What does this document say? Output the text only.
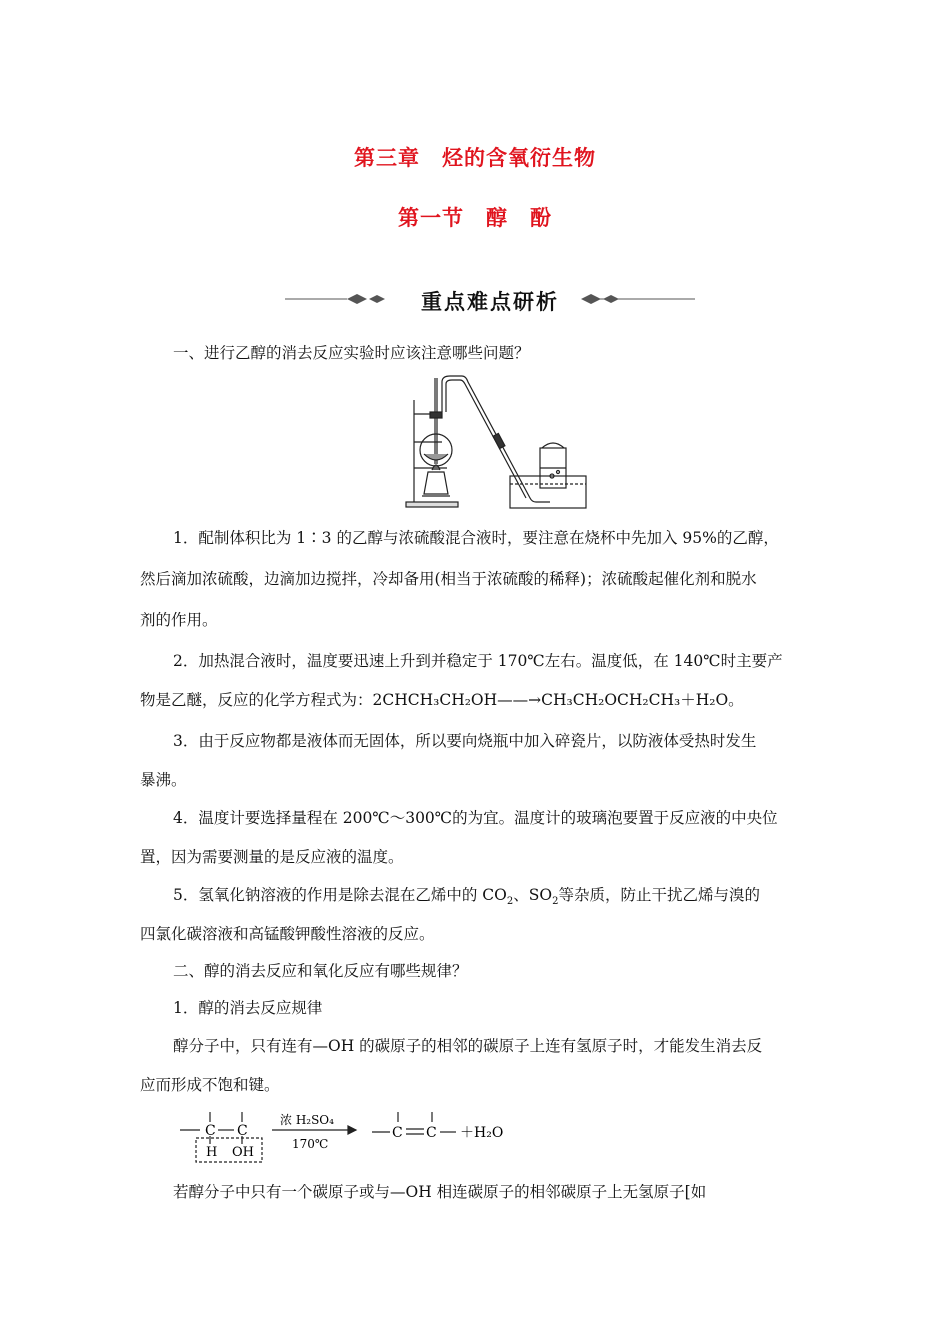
第三章　烃的含氧衍生物
第一节　醇　酚
重点难点研析
一、进行乙醇的消去反应实验时应该注意哪些问题？
1．配制体积比为 1∶3 的乙醇与浓硫酸混合液时，要注意在烧杯中先加入 95%的乙醇，
然后滴加浓硫酸，边滴加边搅拌，冷却备用(相当于浓硫酸的稀释)；浓硫酸起催化剂和脱水
剂的作用。
2．加热混合液时，温度要迅速上升到并稳定于 170℃左右。温度低，在 140℃时主要产
物是乙醚，反应的化学方程式为：2CHCH₃CH₂OH——→CH₃CH₂OCH₂CH₃＋H₂O。
3．由于反应物都是液体而无固体，所以要向烧瓶中加入碎瓷片，以防液体受热时发生
暴沸。
4．温度计要选择量程在 200℃～300℃的为宜。温度计的玻璃泡要置于反应液的中央位
置，因为需要测量的是反应液的温度。
5．氢氧化钠溶液的作用是除去混在乙烯中的 $CO_2$、$SO_2$等杂质，防止干扰乙烯与溴的
四氯化碳溶液和高锰酸钾酸性溶液的反应。
二、醇的消去反应和氧化反应有哪些规律？
1．醇的消去反应规律
醇分子中，只有连有—OH 的碳原子的相邻的碳原子上连有氢原子时，才能发生消去反
应而形成不饱和键。
C C
H OH
浓 H₂SO₄
170℃
C C ＋H₂O
若醇分子中只有一个碳原子或与—OH 相连碳原子的相邻碳原子上无氢原子[如
